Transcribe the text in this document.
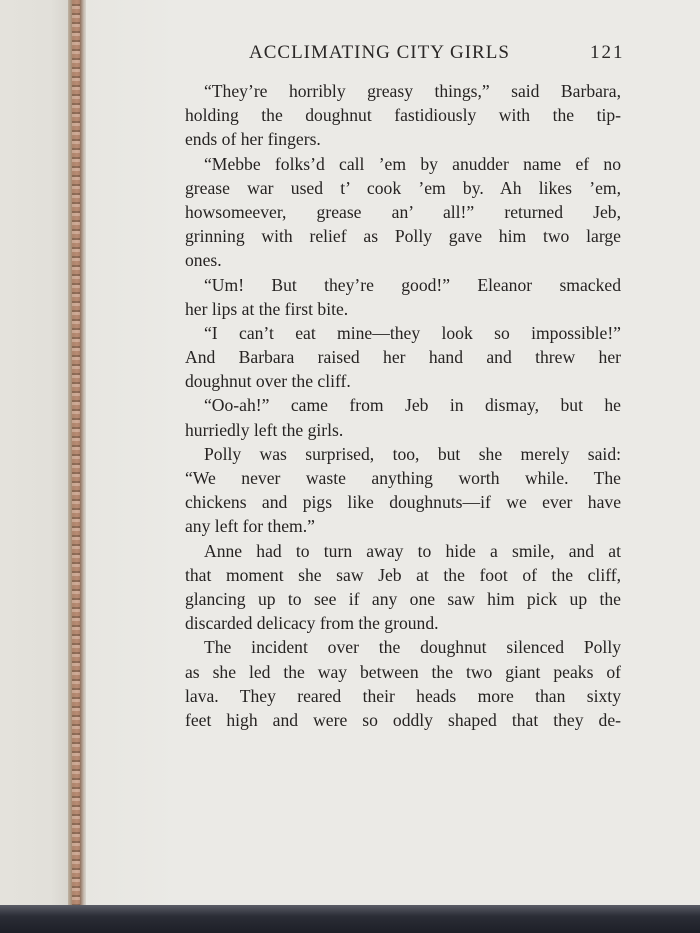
ACCLIMATING CITY GIRLS	121
“They’re horribly greasy things,” said Barbara,
holding the doughnut fastidiously with the tip-
ends of her fingers.
“Mebbe folks’d call ’em by anudder name ef no
grease war used t’ cook ’em by. Ah likes ’em,
howsomeever, grease an’ all!” returned Jeb,
grinning with relief as Polly gave him two large
ones.
“Um! But they’re good!” Eleanor smacked
her lips at the first bite.
“I can’t eat mine—they look so impossible!”
And Barbara raised her hand and threw her
doughnut over the cliff.
“Oo-ah!” came from Jeb in dismay, but he
hurriedly left the girls.
Polly was surprised, too, but she merely said:
“We never waste anything worth while. The
chickens and pigs like doughnuts—if we ever have
any left for them.”
Anne had to turn away to hide a smile, and at
that moment she saw Jeb at the foot of the cliff,
glancing up to see if any one saw him pick up the
discarded delicacy from the ground.
The incident over the doughnut silenced Polly
as she led the way between the two giant peaks of
lava. They reared their heads more than sixty
feet high and were so oddly shaped that they de-
